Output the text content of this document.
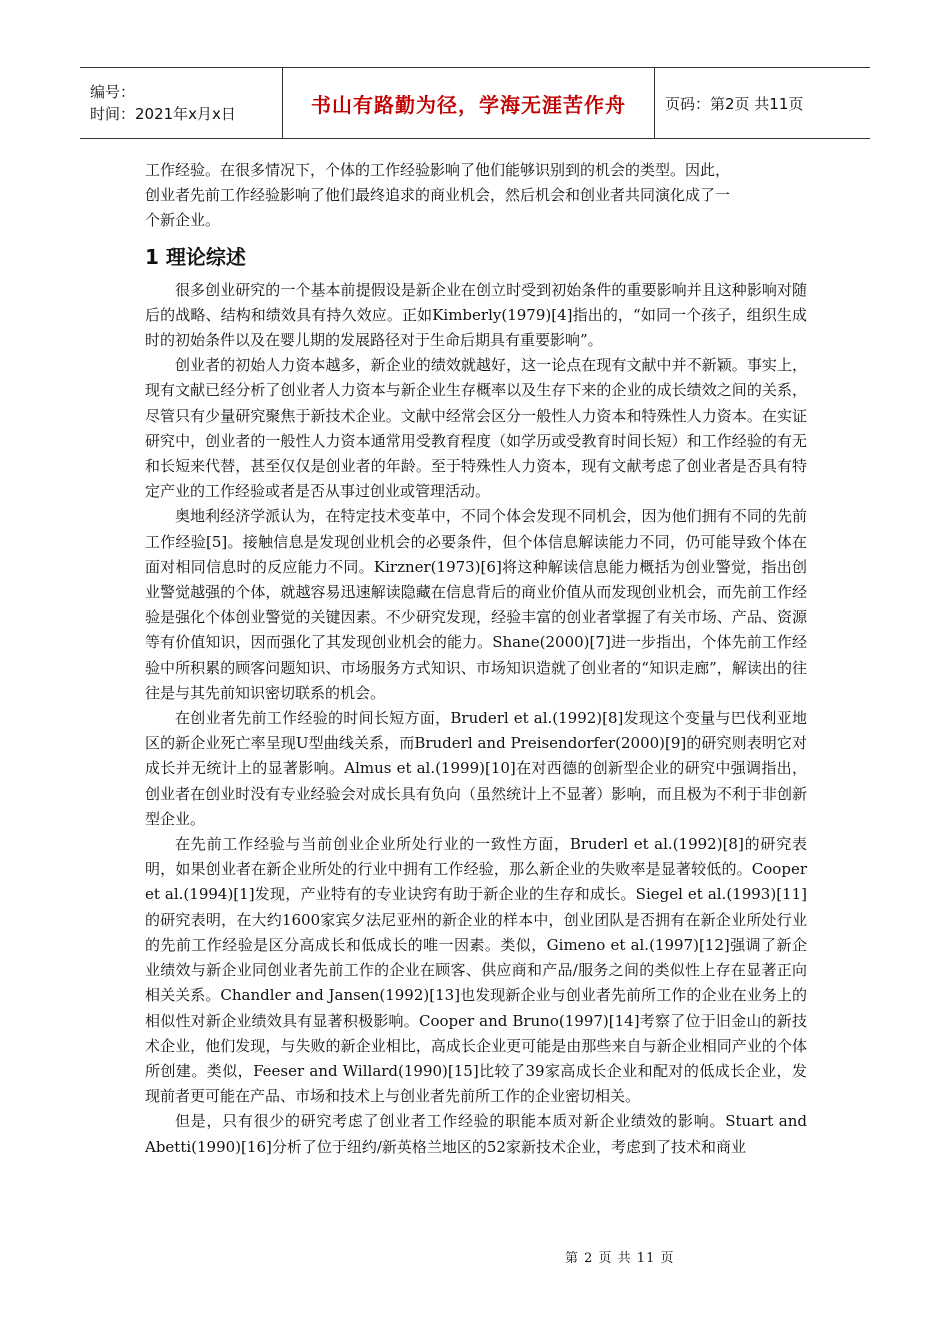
编号：
时间：2021年x月x日	书山有路勤为径，学海无涯苦作舟	页码：第2页 共11页

工作经验。在很多情况下，个体的工作经验影响了他们能够识别到的机会的类型。因此，

创业者先前工作经验影响了他们最终追求的商业机会，然后机会和创业者共同演化成了一

个新企业。

1 理论综述

很多创业研究的一个基本前提假设是新企业在创立时受到初始条件的重要影响并且这种影响对随后的战略、结构和绩效具有持久效应。正如Kimberly(1979)[4]指出的，“如同一个孩子，组织生成时的初始条件以及在婴儿期的发展路径对于生命后期具有重要影响”。

创业者的初始人力资本越多，新企业的绩效就越好，这一论点在现有文献中并不新颖。事实上，现有文献已经分析了创业者人力资本与新企业生存概率以及生存下来的企业的成长绩效之间的关系，尽管只有少量研究聚焦于新技术企业。文献中经常会区分一般性人力资本和特殊性人力资本。在实证研究中，创业者的一般性人力资本通常用受教育程度（如学历或受教育时间长短）和工作经验的有无和长短来代替，甚至仅仅是创业者的年龄。至于特殊性人力资本，现有文献考虑了创业者是否具有特定产业的工作经验或者是否从事过创业或管理活动。

奥地利经济学派认为，在特定技术变革中，不同个体会发现不同机会，因为他们拥有不同的先前工作经验[5]。接触信息是发现创业机会的必要条件，但个体信息解读能力不同，仍可能导致个体在面对相同信息时的反应能力不同。Kirzner(1973)[6]将这种解读信息能力概括为创业警觉，指出创业警觉越强的个体，就越容易迅速解读隐藏在信息背后的商业价值从而发现创业机会，而先前工作经验是强化个体创业警觉的关键因素。不少研究发现，经验丰富的创业者掌握了有关市场、产品、资源等有价值知识，因而强化了其发现创业机会的能力。Shane(2000)[7]进一步指出，个体先前工作经验中所积累的顾客问题知识、市场服务方式知识、市场知识造就了创业者的“知识走廊”，解读出的往往是与其先前知识密切联系的机会。

在创业者先前工作经验的时间长短方面，Bruderl et al.(1992)[8]发现这个变量与巴伐利亚地区的新企业死亡率呈现U型曲线关系，而Bruderl and Preisendorfer(2000)[9]的研究则表明它对成长并无统计上的显著影响。Almus et al.(1999)[10]在对西德的创新型企业的研究中强调指出，创业者在创业时没有专业经验会对成长具有负向（虽然统计上不显著）影响，而且极为不利于非创新型企业。

在先前工作经验与当前创业企业所处行业的一致性方面，Bruderl et al.(1992)[8]的研究表明，如果创业者在新企业所处的行业中拥有工作经验，那么新企业的失败率是显著较低的。Cooper et al.(1994)[1]发现，产业特有的专业诀窍有助于新企业的生存和成长。Siegel et al.(1993)[11]的研究表明，在大约1600家宾夕法尼亚州的新企业的样本中，创业团队是否拥有在新企业所处行业的先前工作经验是区分高成长和低成长的唯一因素。类似，Gimeno et al.(1997)[12]强调了新企业绩效与新企业同创业者先前工作的企业在顾客、供应商和产品/服务之间的类似性上存在显著正向相关关系。Chandler and Jansen(1992)[13]也发现新企业与创业者先前所工作的企业在业务上的相似性对新企业绩效具有显著积极影响。Cooper and Bruno(1997)[14]考察了位于旧金山的新技术企业，他们发现，与失败的新企业相比，高成长企业更可能是由那些来自与新企业相同产业的个体所创建。类似，Feeser and Willard(1990)[15]比较了39家高成长企业和配对的低成长企业，发现前者更可能在产品、市场和技术上与创业者先前所工作的企业密切相关。

但是，只有很少的研究考虑了创业者工作经验的职能本质对新企业绩效的影响。Stuart and Abetti(1990)[16]分析了位于纽约/新英格兰地区的52家新技术企业，考虑到了技术和商业

第 2 页 共 11 页
